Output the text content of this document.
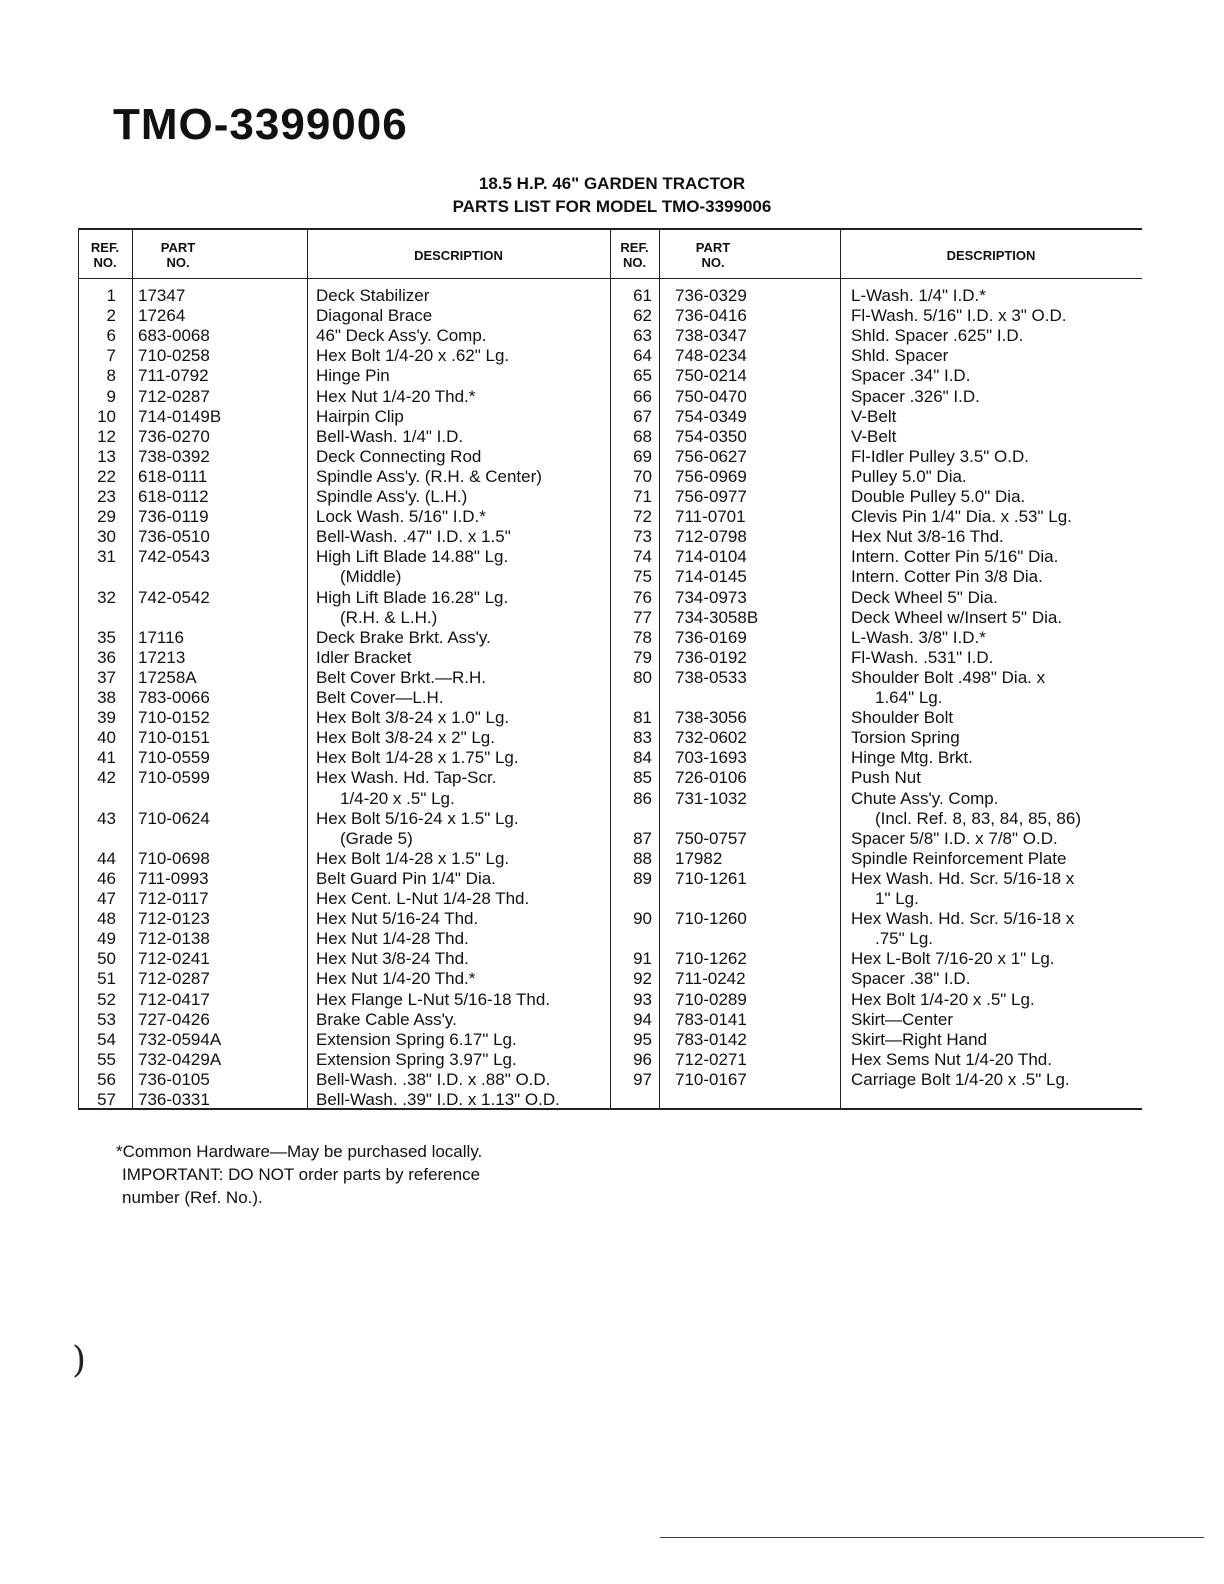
TMO-3399006
18.5 H.P. 46" GARDEN TRACTOR
PARTS LIST FOR MODEL TMO-3399006
REF.
NO.
PART
NO.	DESCRIPTION
REF.
NO.
PART
NO.	DESCRIPTION
1 17347	Deck Stabilizer
2 17264	Diagonal Brace
6 683-0068	46" Deck Ass'y. Comp.
7 710-0258	Hex Bolt 1/4-20 x .62" Lg.
8 711-0792	Hinge Pin
9 712-0287	Hex Nut 1/4-20 Thd.*
10 714-0149B	Hairpin Clip
12 736-0270	Bell-Wash. 1/4" I.D.
13 738-0392	Deck Connecting Rod
22 618-0111	Spindle Ass'y. (R.H. & Center)
23 618-0112	Spindle Ass'y. (L.H.)
29 736-0119	Lock Wash. 5/16" I.D.*
30 736-0510	Bell-Wash. .47" I.D. x 1.5"
31 742-0543	High Lift Blade 14.88" Lg.
(Middle)
32 742-0542	High Lift Blade 16.28" Lg.
(R.H. & L.H.)
35 17116	Deck Brake Brkt. Ass'y.
36 17213	Idler Bracket
37 17258A	Belt Cover Brkt.—R.H.
38 783-0066	Belt Cover—L.H.
39 710-0152	Hex Bolt 3/8-24 x 1.0" Lg.
40 710-0151	Hex Bolt 3/8-24 x 2" Lg.
41 710-0559	Hex Bolt 1/4-28 x 1.75" Lg.
42 710-0599	Hex Wash. Hd. Tap-Scr.
1/4-20 x .5" Lg.
43 710-0624	Hex Bolt 5/16-24 x 1.5" Lg.
(Grade 5)
44 710-0698	Hex Bolt 1/4-28 x 1.5" Lg.
46 711-0993	Belt Guard Pin 1/4" Dia.
47 712-0117	Hex Cent. L-Nut 1/4-28 Thd.
48 712-0123	Hex Nut 5/16-24 Thd.
49 712-0138	Hex Nut 1/4-28 Thd.
50 712-0241	Hex Nut 3/8-24 Thd.
51 712-0287	Hex Nut 1/4-20 Thd.*
52 712-0417	Hex Flange L-Nut 5/16-18 Thd.
53 727-0426	Brake Cable Ass'y.
54 732-0594A	Extension Spring 6.17" Lg.
55 732-0429A	Extension Spring 3.97" Lg.
56 736-0105	Bell-Wash. .38" I.D. x .88" O.D.
57 736-0331	Bell-Wash. .39" I.D. x 1.13" O.D.
61 736-0329	L-Wash. 1/4" I.D.*
62 736-0416	Fl-Wash. 5/16" I.D. x 3" O.D.
63 738-0347	Shld. Spacer .625" I.D.
64 748-0234	Shld. Spacer
65 750-0214	Spacer .34" I.D.
66 750-0470	Spacer .326" I.D.
67 754-0349	V-Belt
68 754-0350	V-Belt
69 756-0627	Fl-Idler Pulley 3.5" O.D.
70 756-0969	Pulley 5.0" Dia.
71 756-0977	Double Pulley 5.0" Dia.
72 711-0701	Clevis Pin 1/4" Dia. x .53" Lg.
73 712-0798	Hex Nut 3/8-16 Thd.
74 714-0104	Intern. Cotter Pin 5/16" Dia.
75 714-0145	Intern. Cotter Pin 3/8 Dia.
76 734-0973	Deck Wheel 5" Dia.
77 734-3058B	Deck Wheel w/Insert 5" Dia.
78 736-0169	L-Wash. 3/8" I.D.*
79 736-0192	Fl-Wash. .531" I.D.
80 738-0533	Shoulder Bolt .498" Dia. x
1.64" Lg.
81 738-3056	Shoulder Bolt
83 732-0602	Torsion Spring
84 703-1693	Hinge Mtg. Brkt.
85 726-0106	Push Nut
86 731-1032	Chute Ass'y. Comp.
(Incl. Ref. 8, 83, 84, 85, 86)
87 750-0757	Spacer 5/8" I.D. x 7/8" O.D.
88 17982	Spindle Reinforcement Plate
89 710-1261	Hex Wash. Hd. Scr. 5/16-18 x
1" Lg.
90 710-1260	Hex Wash. Hd. Scr. 5/16-18 x
.75" Lg.
91 710-1262	Hex L-Bolt 7/16-20 x 1" Lg.
92 711-0242	Spacer .38" I.D.
93 710-0289	Hex Bolt 1/4-20 x .5" Lg.
94 783-0141	Skirt—Center
95 783-0142	Skirt—Right Hand
96 712-0271	Hex Sems Nut 1/4-20 Thd.
97 710-0167	Carriage Bolt 1/4-20 x .5" Lg.
*Common Hardware—May be purchased locally.
IMPORTANT: DO NOT order parts by reference
number (Ref. No.).
)
